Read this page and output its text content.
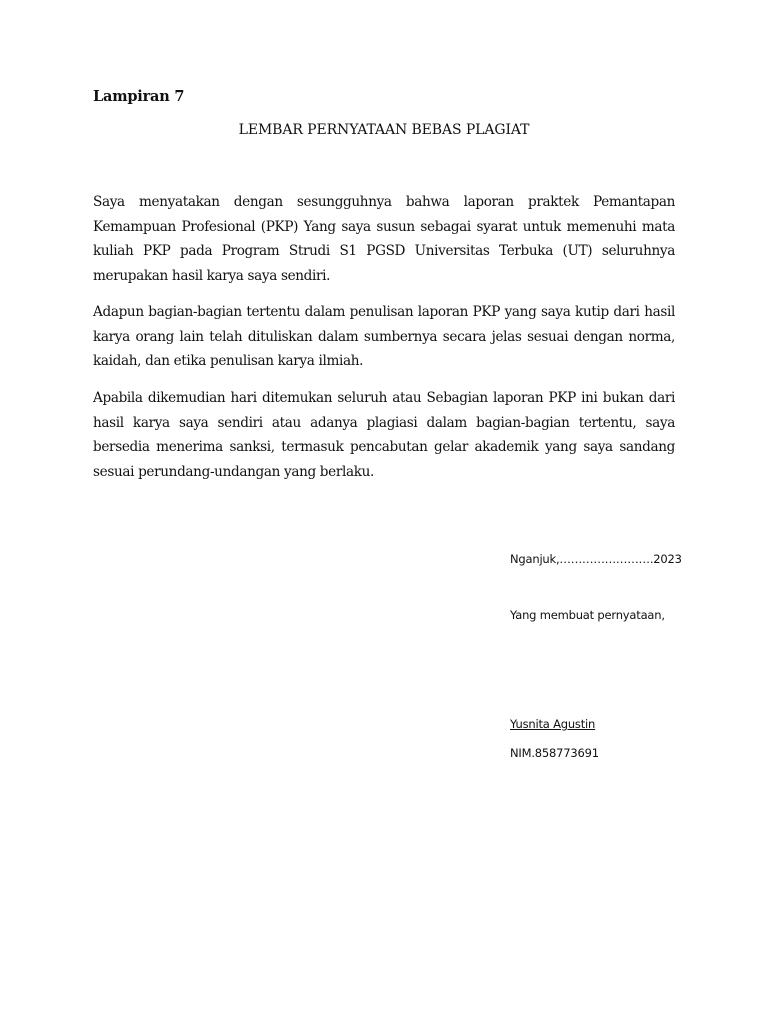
Lampiran 7
LEMBAR PERNYATAAN BEBAS PLAGIAT

Saya menyatakan dengan sesungguhnya bahwa laporan praktek Pemantapan Kemampuan Profesional (PKP) Yang saya susun sebagai syarat untuk memenuhi mata kuliah PKP pada Program Strudi S1 PGSD Universitas Terbuka (UT) seluruhnya merupakan hasil karya saya sendiri.

Adapun bagian-bagian tertentu dalam penulisan laporan PKP yang saya kutip dari hasil karya orang lain telah dituliskan dalam sumbernya secara jelas sesuai dengan norma, kaidah, dan etika penulisan karya ilmiah.

Apabila dikemudian hari ditemukan seluruh atau Sebagian laporan PKP ini bukan dari hasil karya saya sendiri atau adanya plagiasi dalam bagian-bagian tertentu, saya bersedia menerima sanksi, termasuk pencabutan gelar akademik yang saya sandang sesuai perundang-undangan yang berlaku.

Nganjuk,…………………….2023
Yang membuat pernyataan,
Yusnita Agustin
NIM.858773691
